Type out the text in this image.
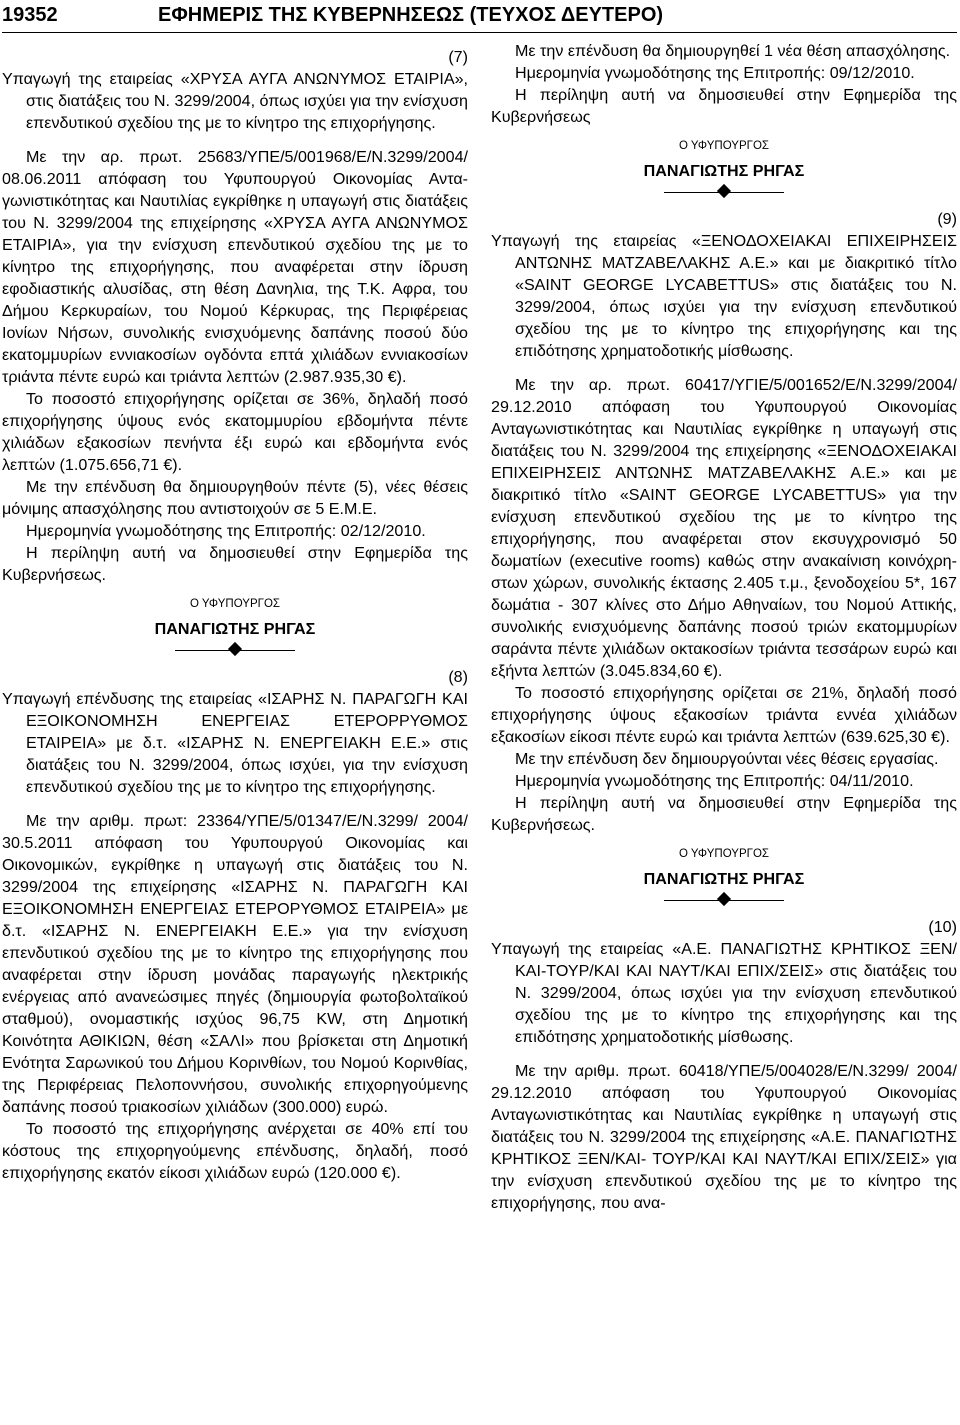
19352	ΕΦΗΜΕΡΙΣ ΤΗΣ ΚΥΒΕΡΝΗΣΕΩΣ (ΤΕΥΧΟΣ ΔΕΥΤΕΡΟ)
(7)

Υπαγωγή της εταιρείας «ΧΡΥΣΑ ΑΥΓΑ ΑΝΩΝΥΜΟΣ ΕΤΑΙΡΙΑ», στις διατάξεις του Ν. 3299/2004, όπως ισχύει για την ενίσχυση επενδυτικού σχεδίου της με το κίνητρο της επιχορήγησης.

Με την αρ. πρωτ. 25683/ΥΠΕ/5/001968/Ε/Ν.3299/2004/ 08.06.2011 απόφαση του Υφυπουργού Οικονομίας Ανταγωνιστικότητας και Ναυτιλίας εγκρίθηκε η υπαγωγή στις διατάξεις του Ν. 3299/2004 της επιχείρησης «ΧΡΥΣΑ ΑΥΓΑ ΑΝΩΝΥΜΟΣ ΕΤΑΙΡΙΑ», για την ενίσχυση επενδυτικού σχεδίου της με το κίνητρο της επιχορήγησης, που αναφέρεται στην ίδρυση εφοδιαστικής αλυσίδας, στη θέση Δανηλια, της Τ.Κ. Αφρα, του Δήμου Κερκυραίων, του Νομού Κέρκυρας, της Περιφέρειας Ιονίων Νήσων, συνολικής ενισχυόμενης δαπάνης ποσού δύο εκατομμυρίων εννιακοσίων ογδόντα επτά χιλιάδων εννιακοσίων τριάντα πέντε ευρώ και τριάντα λεπτών (2.987.935,30 €).

Το ποσοστό επιχορήγησης ορίζεται σε 36%, δηλαδή ποσό επιχορήγησης ύψους ενός εκατομμυρίου εβδομήντα πέντε χιλιάδων εξακοσίων πενήντα έξι ευρώ και εβδομήντα ενός λεπτών (1.075.656,71 €).

Με την επένδυση θα δημιουργηθούν πέντε (5), νέες θέσεις μόνιμης απασχόλησης που αντιστοιχούν σε 5 Ε.Μ.Ε.

Ημερομηνία γνωμοδότησης της Επιτροπής: 02/12/2010.

Η περίληψη αυτή να δημοσιευθεί στην Εφημερίδα της Κυβερνήσεως.

Ο ΥΦΥΠΟΥΡΓΟΣ
ΠΑΝΑΓΙΩΤΗΣ ΡΗΓΑΣ
(8)

Υπαγωγή επένδυσης της εταιρείας «ΙΣΑΡΗΣ Ν. ΠΑΡΑΓΩΓΗ ΚΑΙ ΕΞΟΙΚΟΝΟΜΗΣΗ ΕΝΕΡΓΕΙΑΣ ΕΤΕΡΟΡΡΥΘΜΟΣ ΕΤΑΙΡΕΙΑ» με δ.τ. «ΙΣΑΡΗΣ Ν. ΕΝΕΡΓΕΙΑΚΗ Ε.Ε.» στις διατάξεις του Ν. 3299/2004, όπως ισχύει, για την ενίσχυση επενδυτικού σχεδίου της με το κίνητρο της επιχορήγησης.

Με την αριθμ. πρωτ: 23364/ΥΠΕ/5/01347/Ε/Ν.3299/ 2004/ 30.5.2011 απόφαση του Υφυπουργού Οικονομίας και Οικονομικών, εγκρίθηκε η υπαγωγή στις διατάξεις του Ν. 3299/2004 της επιχείρησης «ΙΣΑΡΗΣ Ν. ΠΑΡΑΓΩΓΗ ΚΑΙ ΕΞΟΙΚΟΝΟΜΗΣΗ ΕΝΕΡΓΕΙΑΣ ΕΤΕΡΟΡΥΘΜΟΣ ΕΤΑΙΡΕΙΑ» με δ.τ. «ΙΣΑΡΗΣ Ν. ΕΝΕΡΓΕΙΑΚΗ Ε.Ε.» για την ενίσχυση επενδυτικού σχεδίου της με το κίνητρο της επιχορήγησης που αναφέρεται στην ίδρυση μονάδας παραγωγής ηλεκτρικής ενέργειας από ανανεώσιμες πηγές (δημιουργία φωτοβολταϊκού σταθμού), ονομαστικής ισχύος 96,75 KW, στη Δημοτική Κοινότητα ΑΘΙΚΙΩΝ, θέση «ΣΑΛΙ» που βρίσκεται στη Δημοτική Ενότητα Σαρωνικού του Δήμου Κορινθίων, του Νομού Κορινθίας, της Περιφέρειας Πελοποννήσου, συνολικής επιχορηγούμενης δαπάνης ποσού τριακοσίων χιλιάδων (300.000) ευρώ.

Το ποσοστό της επιχορήγησης ανέρχεται σε 40% επί του κόστους της επιχορηγούμενης επένδυσης, δηλαδή, ποσό επιχορήγησης εκατόν είκοσι χιλιάδων ευρώ (120.000 €).

Με την επένδυση θα δημιουργηθεί 1 νέα θέση απασχόλησης.

Ημερομηνία γνωμοδότησης της Επιτροπής: 09/12/2010.

Η περίληψη αυτή να δημοσιευθεί στην Εφημερίδα της Κυβερνήσεως

Ο ΥΦΥΠΟΥΡΓΟΣ
ΠΑΝΑΓΙΩΤΗΣ ΡΗΓΑΣ
(9)

Υπαγωγή της εταιρείας «ΞΕΝΟΔΟΧΕΙΑΚΑΙ ΕΠΙΧΕΙΡΗΣΕΙΣ ΑΝΤΩΝΗΣ ΜΑΤΖΑΒΕΛΑΚΗΣ Α.Ε.» και με διακριτικό τίτλο «SAINT GEORGE LYCABETTUS» στις διατάξεις του Ν. 3299/2004, όπως ισχύει για την ενίσχυση επενδυτικού σχεδίου της με το κίνητρο της επιχορήγησης και της επιδότησης χρηματοδοτικής μίσθωσης.

Με την αρ. πρωτ. 60417/ΥΓΙΕ/5/001652/Ε/Ν.3299/2004/ 29.12.2010 απόφαση του Υφυπουργού Οικονομίας Ανταγωνιστικότητας και Ναυτιλίας εγκρίθηκε η υπαγωγή στις διατάξεις του Ν. 3299/2004 της επιχείρησης «ΞΕΝΟΔΟΧΕΙΑΚΑΙ ΕΠΙΧΕΙΡΗΣΕΙΣ ΑΝΤΩΝΗΣ ΜΑΤΖΑΒΕΛΑΚΗΣ Α.Ε.» και με διακριτικό τίτλο «SAINT GEORGE LYCABETTUS» για την ενίσχυση επενδυτικού σχεδίου της με το κίνητρο της επιχορήγησης, που αναφέρεται στον εκσυγχρονισμό 50 δωματίων (executive rooms) καθώς στην ανακαίνιση κοινόχρηστων χώρων, συνολικής έκτασης 2.405 τ.μ., ξενοδοχείου 5*, 167 δωμάτια - 307 κλίνες στο Δήμο Αθηναίων, του Νομού Αττικής, συνολικής ενισχυόμενης δαπάνης ποσού τριών εκατομμυρίων σαράντα πέντε χιλιάδων οκτακοσίων τριάντα τεσσάρων ευρώ και εξήντα λεπτών (3.045.834,60 €).

Το ποσοστό επιχορήγησης ορίζεται σε 21%, δηλαδή ποσό επιχορήγησης ύψους εξακοσίων τριάντα εννέα χιλιάδων εξακοσίων είκοσι πέντε ευρώ και τριάντα λεπτών (639.625,30 €).

Με την επένδυση δεν δημιουργούνται νέες θέσεις εργασίας.

Ημερομηνία γνωμοδότησης της Επιτροπής: 04/11/2010.

Η περίληψη αυτή να δημοσιευθεί στην Εφημερίδα της Κυβερνήσεως.

Ο ΥΦΥΠΟΥΡΓΟΣ
ΠΑΝΑΓΙΩΤΗΣ ΡΗΓΑΣ
(10)

Υπαγωγή της εταιρείας «Α.Ε. ΠΑΝΑΓΙΩΤΗΣ ΚΡΗΤΙΚΟΣ ΞΕΝ/ΚΑΙ-ΤΟΥΡ/ΚΑΙ ΚΑΙ ΝΑΥΤ/ΚΑΙ ΕΠΙΧ/ΣΕΙΣ» στις διατάξεις του Ν. 3299/2004, όπως ισχύει για την ενίσχυση επενδυτικού σχεδίου της με το κίνητρο της επιχορήγησης και της επιδότησης χρηματοδοτικής μίσθωσης.

Με την αριθμ. πρωτ. 60418/ΥΠΕ/5/004028/Ε/Ν.3299/ 2004/ 29.12.2010 απόφαση του Υφυπουργού Οικονομίας Ανταγωνιστικότητας και Ναυτιλίας εγκρίθηκε η υπαγωγή στις διατάξεις του Ν. 3299/2004 της επιχείρησης «Α.Ε. ΠΑΝΑΓΙΩΤΗΣ ΚΡΗΤΙΚΟΣ ΞΕΝ/ΚΑΙ- ΤΟΥΡ/ΚΑΙ ΚΑΙ ΝΑΥΤ/ΚΑΙ ΕΠΙΧ/ΣΕΙΣ» για την ενίσχυση επενδυτικού σχεδίου της με το κίνητρο της επιχορήγησης, που ανα-
